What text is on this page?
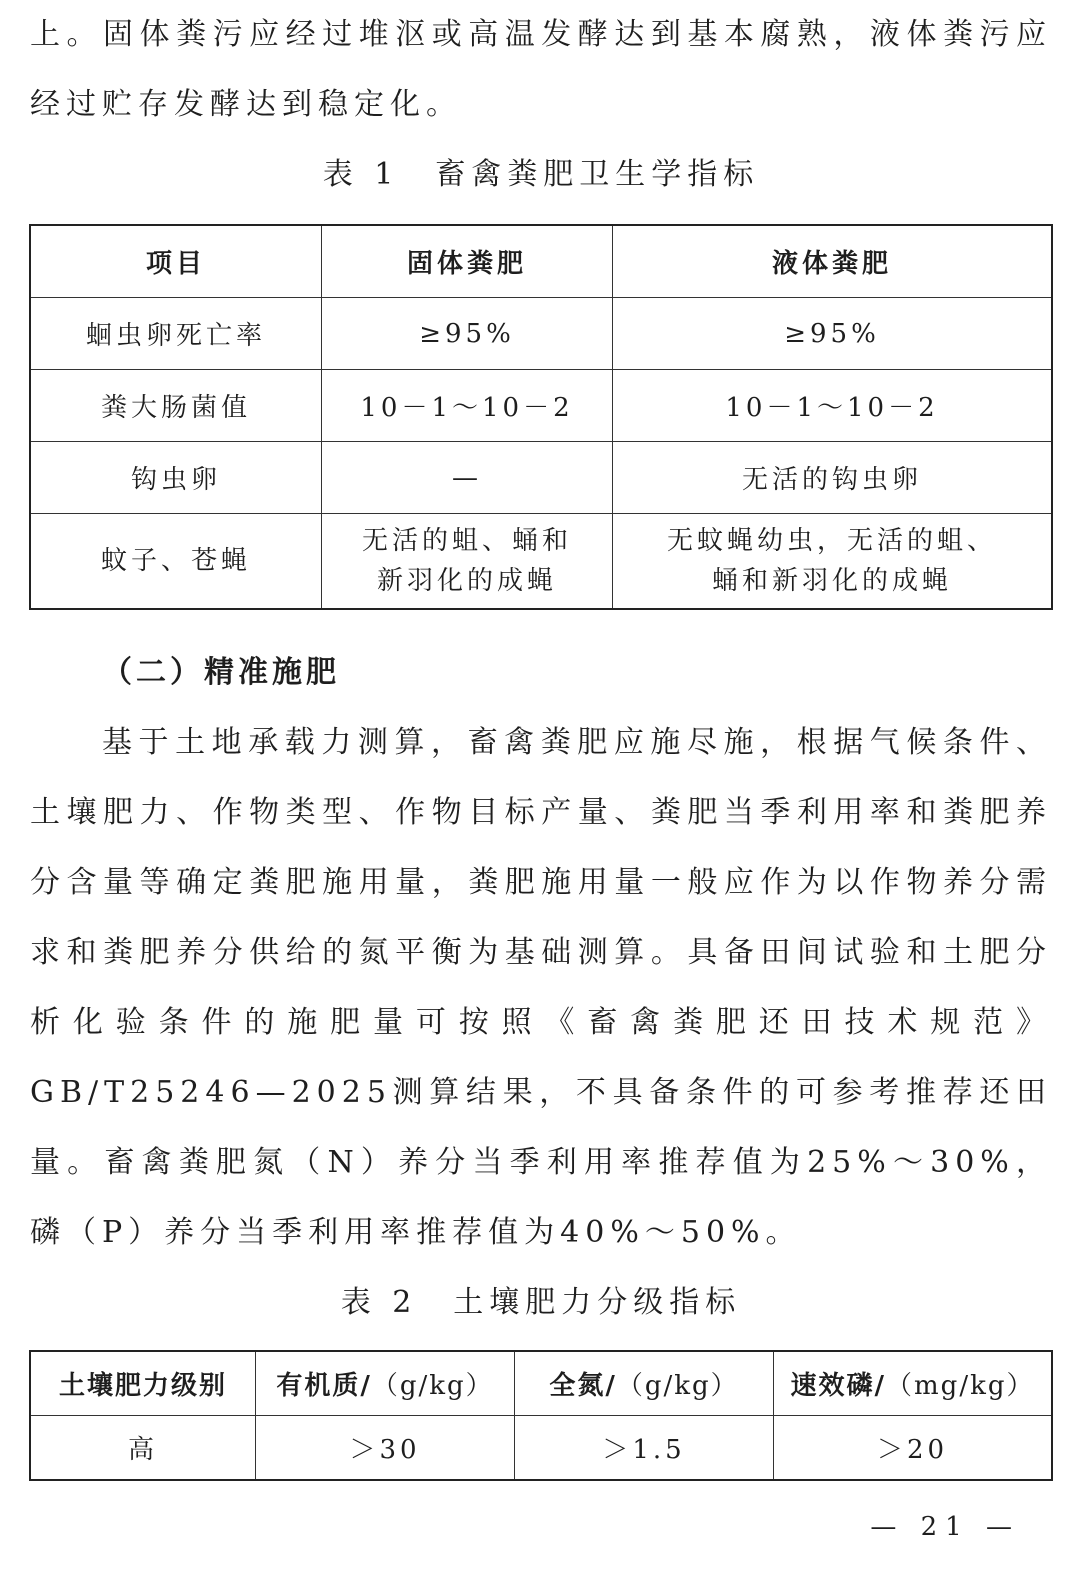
上。固体粪污应经过堆沤或高温发酵达到基本腐熟，液体粪污应经过贮存发酵达到稳定化。

表 1　畜禽粪肥卫生学指标

项目	固体粪肥	液体粪肥
蛔虫卵死亡率	≥95%	≥95%
粪大肠菌值	10－1～10－2	10－1～10－2
钩虫卵	—	无活的钩虫卵
蚊子、苍蝇	无活的蛆、蛹和新羽化的成蝇	无蚊蝇幼虫，无活的蛆、蛹和新羽化的成蝇

（二）精准施肥

基于土地承载力测算，畜禽粪肥应施尽施，根据气候条件、土壤肥力、作物类型、作物目标产量、粪肥当季利用率和粪肥养分含量等确定粪肥施用量，粪肥施用量一般应作为以作物养分需求和粪肥养分供给的氮平衡为基础测算。具备田间试验和土肥分析化验条件的施肥量可按照《畜禽粪肥还田技术规范》GB/T25246—2025测算结果，不具备条件的可参考推荐还田量。畜禽粪肥氮（N）养分当季利用率推荐值为25%～30%，磷（P）养分当季利用率推荐值为40%～50%。

表 2　土壤肥力分级指标

土壤肥力级别	有机质/（g/kg）	全氮/（g/kg）	速效磷/（mg/kg）
高	＞30	＞1.5	＞20
— 21 —
